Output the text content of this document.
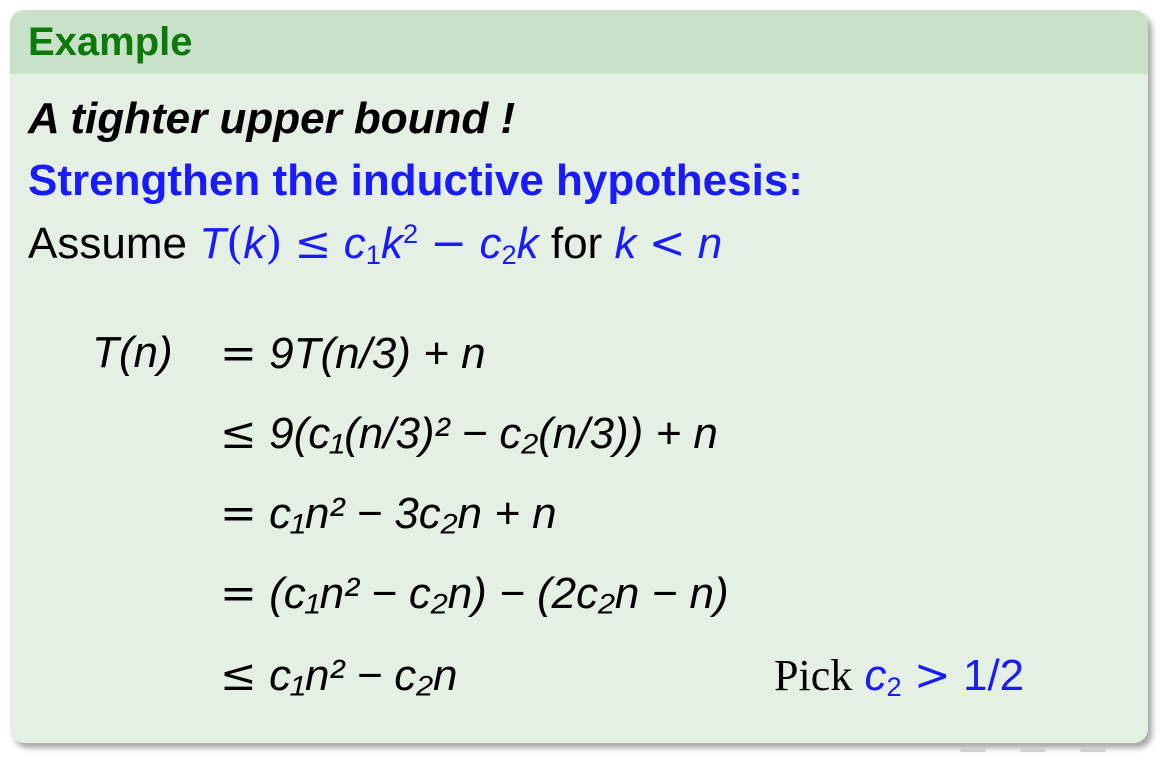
Example
A tighter upper bound !
Strengthen the inductive hypothesis:
Assume $T(k) \le c_1k^2 - c_2k$ for k < n
T(n) = 9T(n/3) + n
≤ 9(c₁(n/3)² − c₂(n/3)) + n
= c₁n² − 3c₂n + n
= (c₁n² − c₂n) − (2c₂n − n)
≤ c₁n² − c₂n	Pick $c_2 > 1/2$
